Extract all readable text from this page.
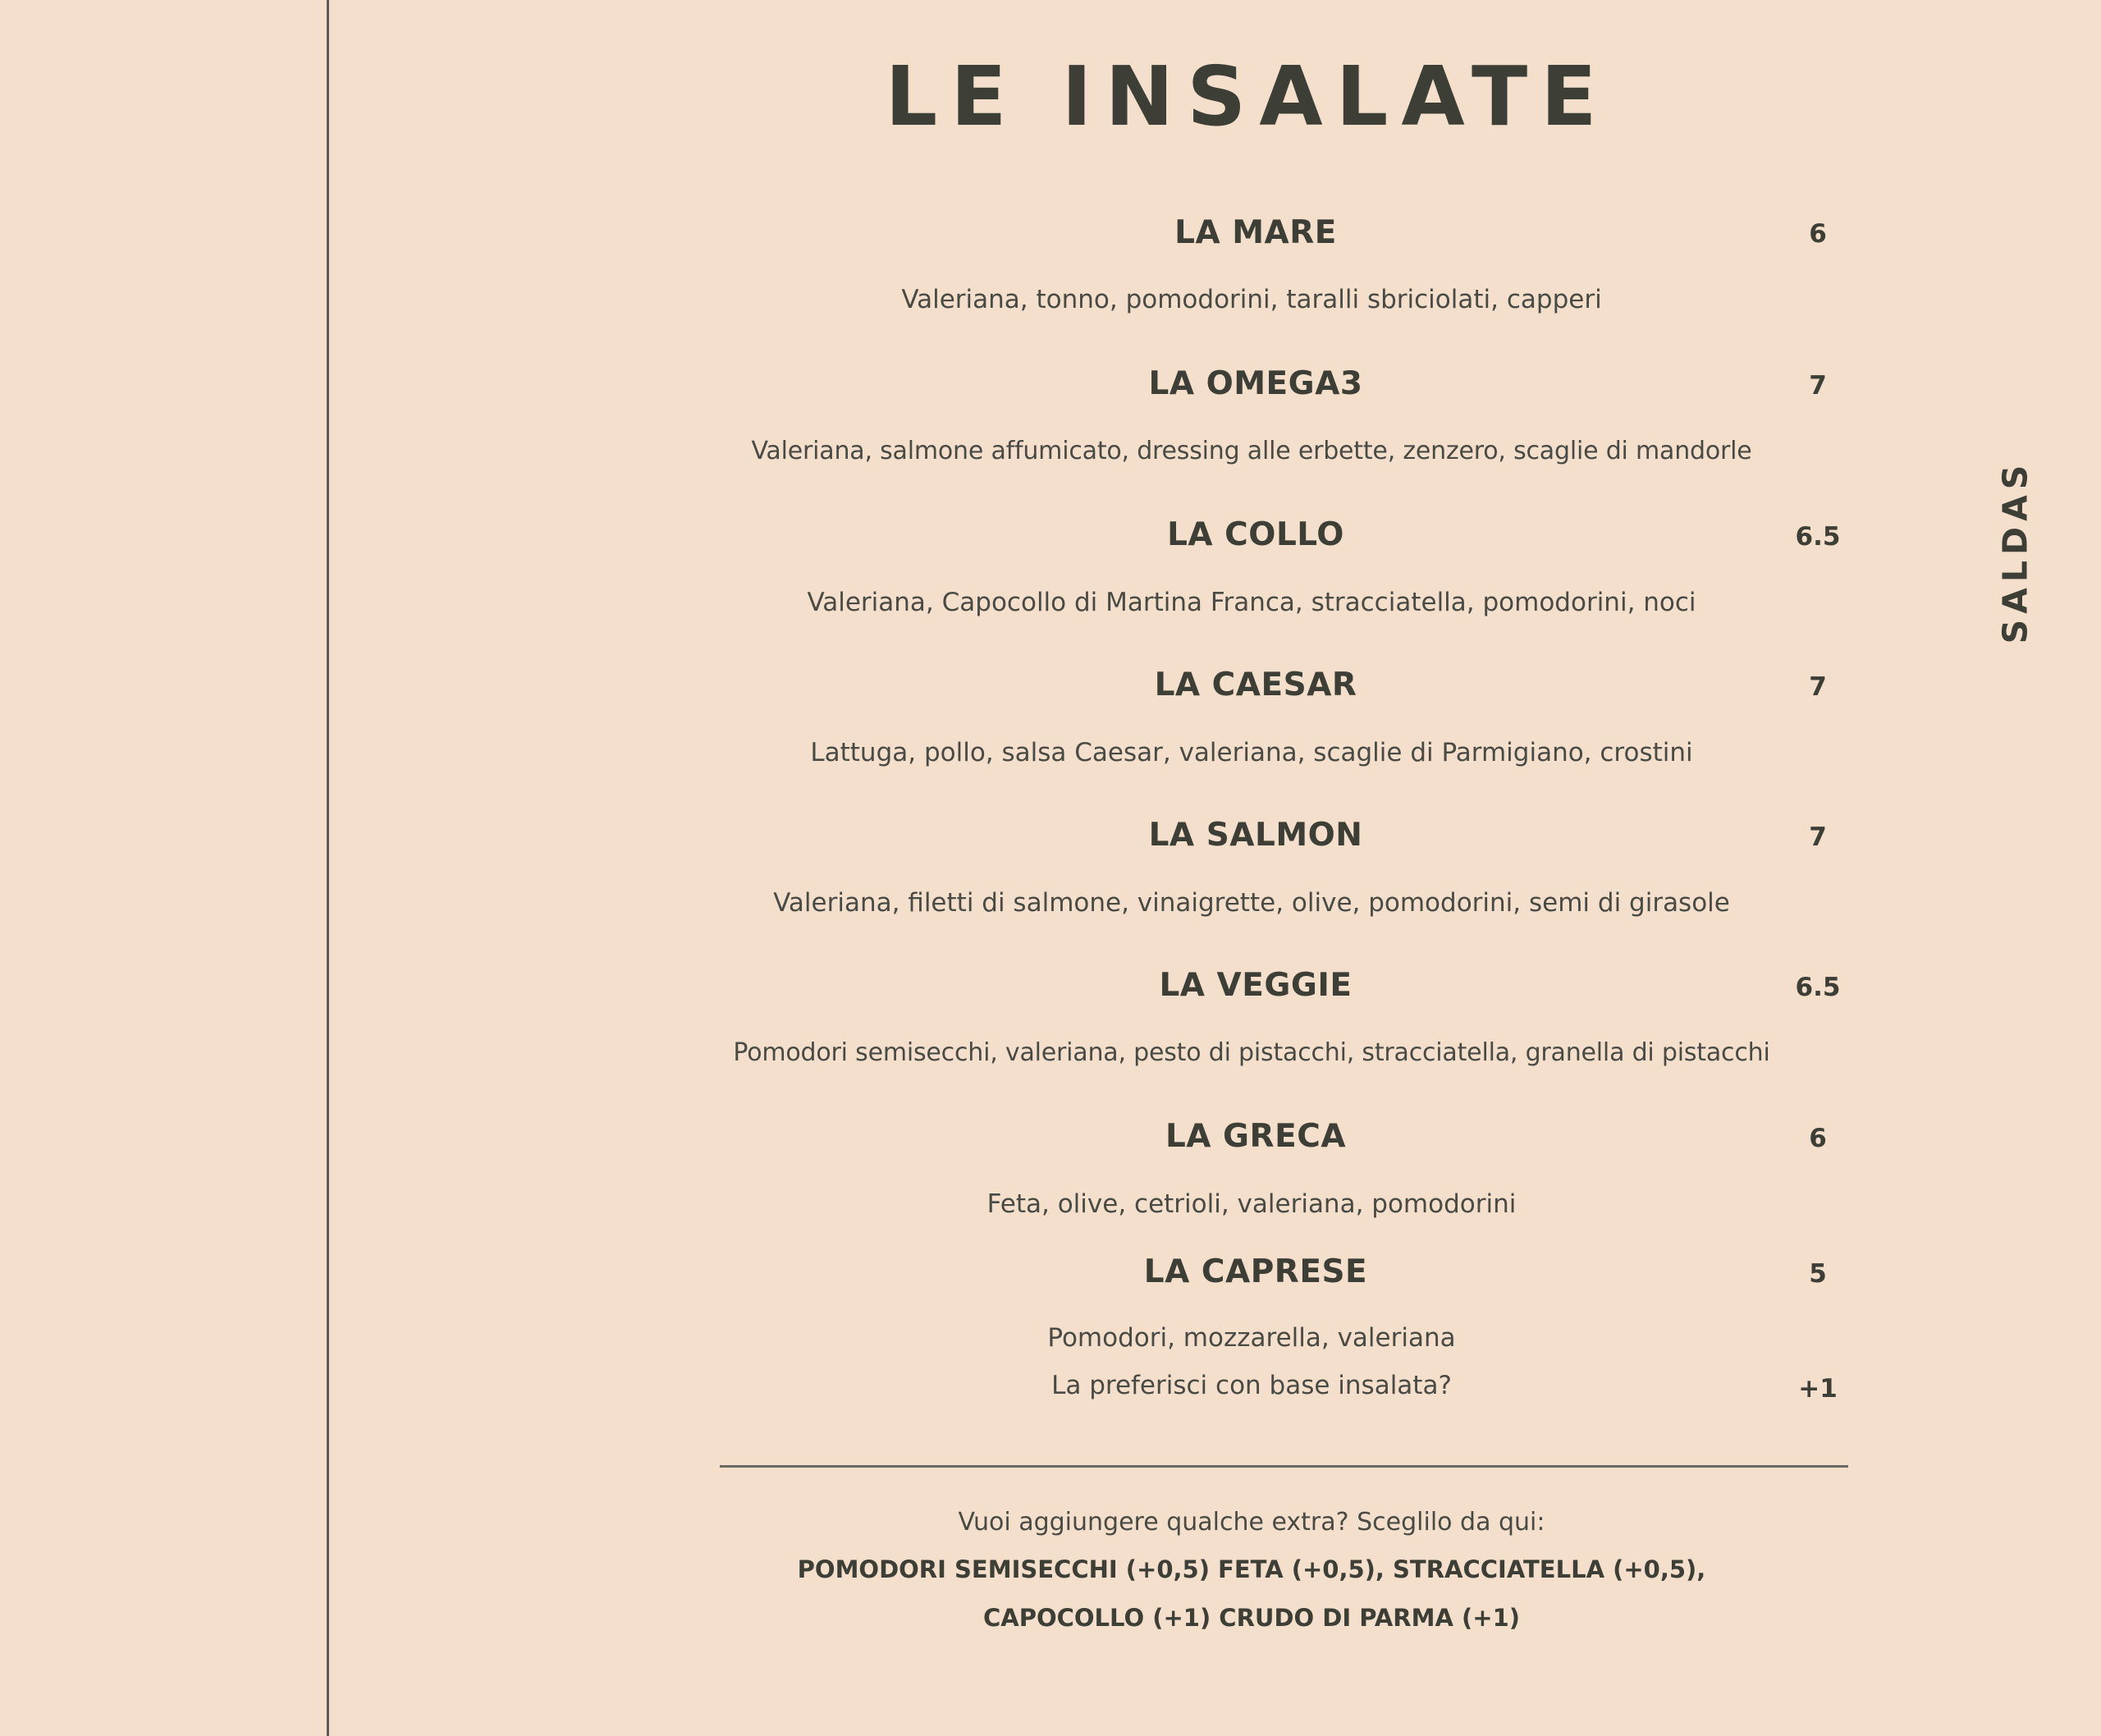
LE INSALATE
LA MARE	6
Valeriana, tonno, pomodorini, taralli sbriciolati, capperi
LA OMEGA3	7
Valeriana, salmone affumicato, dressing alle erbette, zenzero, scaglie di mandorle
LA COLLO	6.5
Valeriana, Capocollo di Martina Franca, stracciatella, pomodorini, noci
LA CAESAR	7
Lattuga, pollo, salsa Caesar, valeriana, scaglie di Parmigiano, crostini
LA SALMON	7
Valeriana, filetti di salmone, vinaigrette, olive, pomodorini, semi di girasole
LA VEGGIE	6.5
Pomodori semisecchi, valeriana, pesto di pistacchi, stracciatella, granella di pistacchi
LA GRECA	6
Feta, olive, cetrioli, valeriana, pomodorini
LA CAPRESE	5
Pomodori, mozzarella, valeriana
La preferisci con base insalata?	+1
Vuoi aggiungere qualche extra? Sceglilo da qui:
POMODORI SEMISECCHI (+0,5) FETA (+0,5), STRACCIATELLA (+0,5),
CAPOCOLLO (+1) CRUDO DI PARMA (+1)
SALDAS
